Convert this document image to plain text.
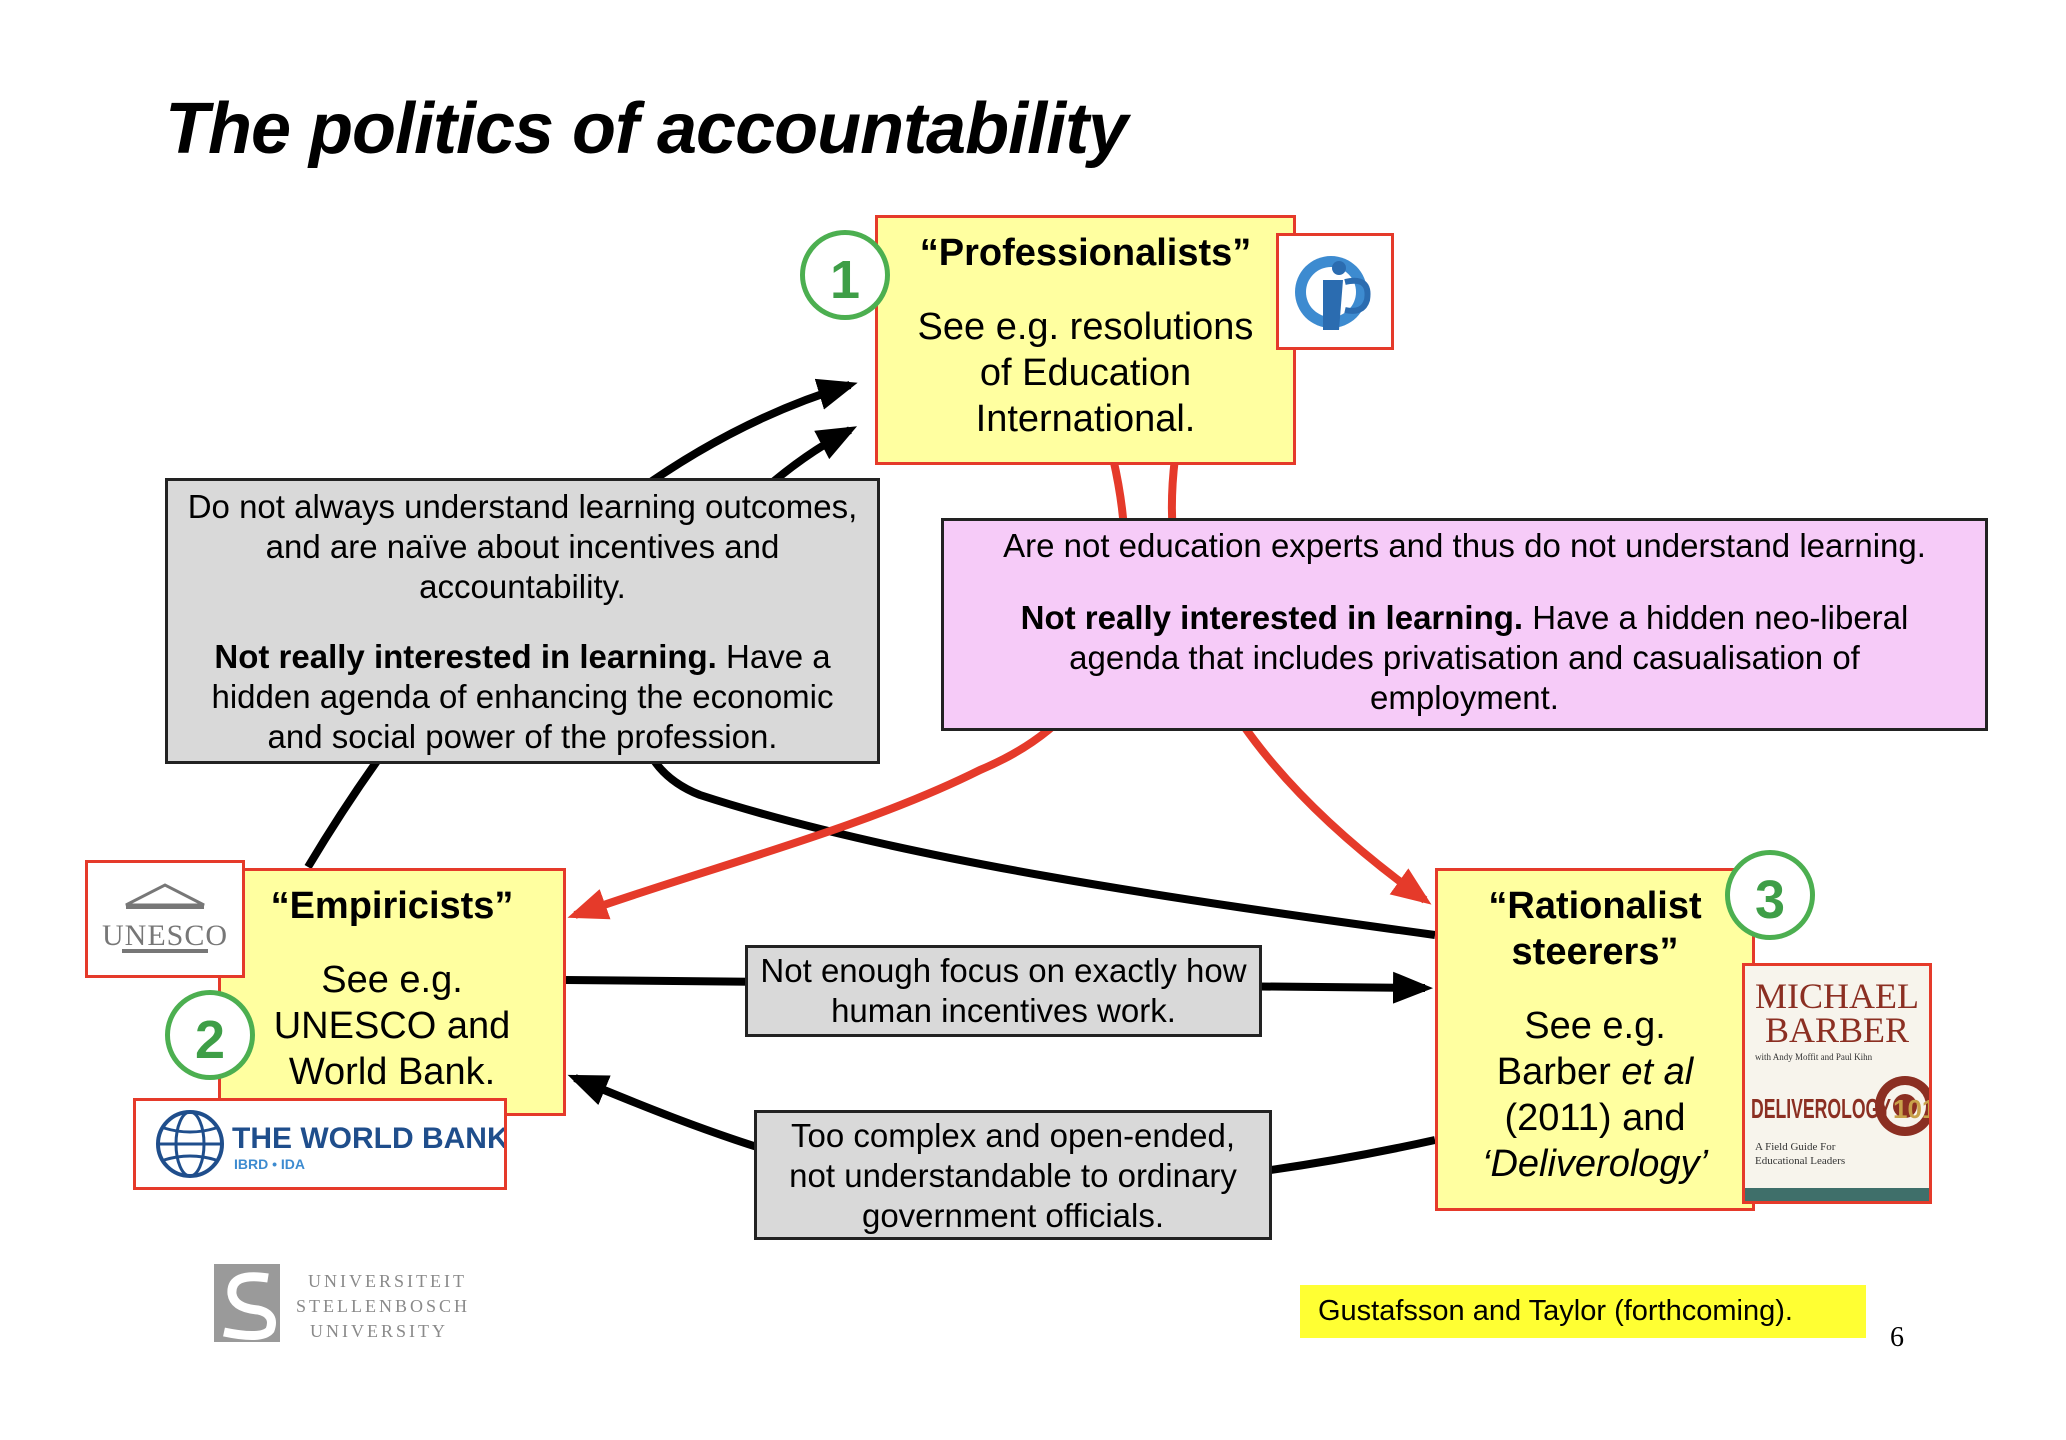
The politics of accountability

“Professionalists”

See e.g. resolutions

of Education

International.

1

Do not always understand learning outcomes, and are naïve about incentives and accountability.

Not really interested in learning. Have a hidden agenda of enhancing the economic and social power of the profession.

Are not education experts and thus do not understand learning.

Not really interested in learning. Have a hidden neo-liberal agenda that includes privatisation and casualisation of employment.

“Empiricists”

See e.g.

UNESCO and

World Bank.

UNESCO
2
THE WORLD BANK
IBRD • IDA

“Rationalist

steerers”

See e.g.

Barber et al

(2011) and

‘Deliverology’

3
MICHAEL
BARBER
with Andy Moffit and Paul Kihn
DELIVEROLOGY 10
A Field Guide For
Educational Leaders

Not enough focus on exactly how human incentives work.

Too complex and open-ended, not understandable to ordinary government officials.

UNIVERSITEIT
STELLENBOSCH
UNIVERSITY
Gustafsson and Taylor (forthcoming).
6
